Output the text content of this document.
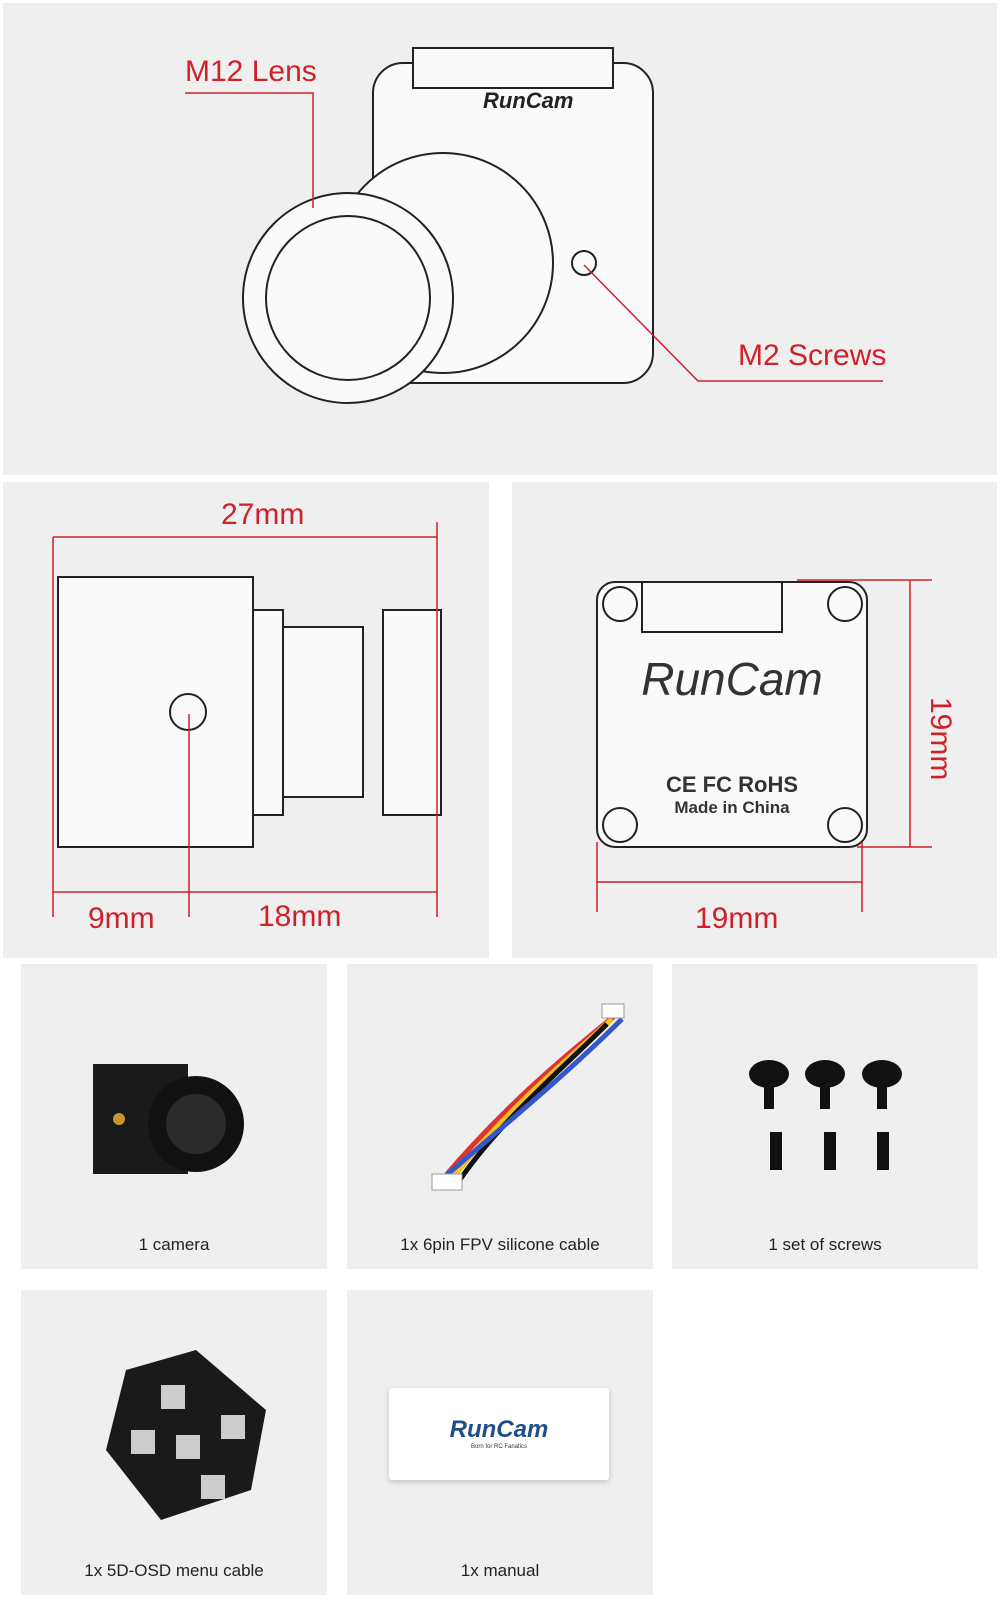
RunCam
M12 Lens
M2 Screws
27mm
9mm	18mm
RunCam
CE FC RoHS
Made in China
19mm
19mm
1 camera	1x 6pin FPV silicone cable	1 set of screws
1x 5D-OSD menu cable
RunCam
Born for RC Fanatics
1x manual
